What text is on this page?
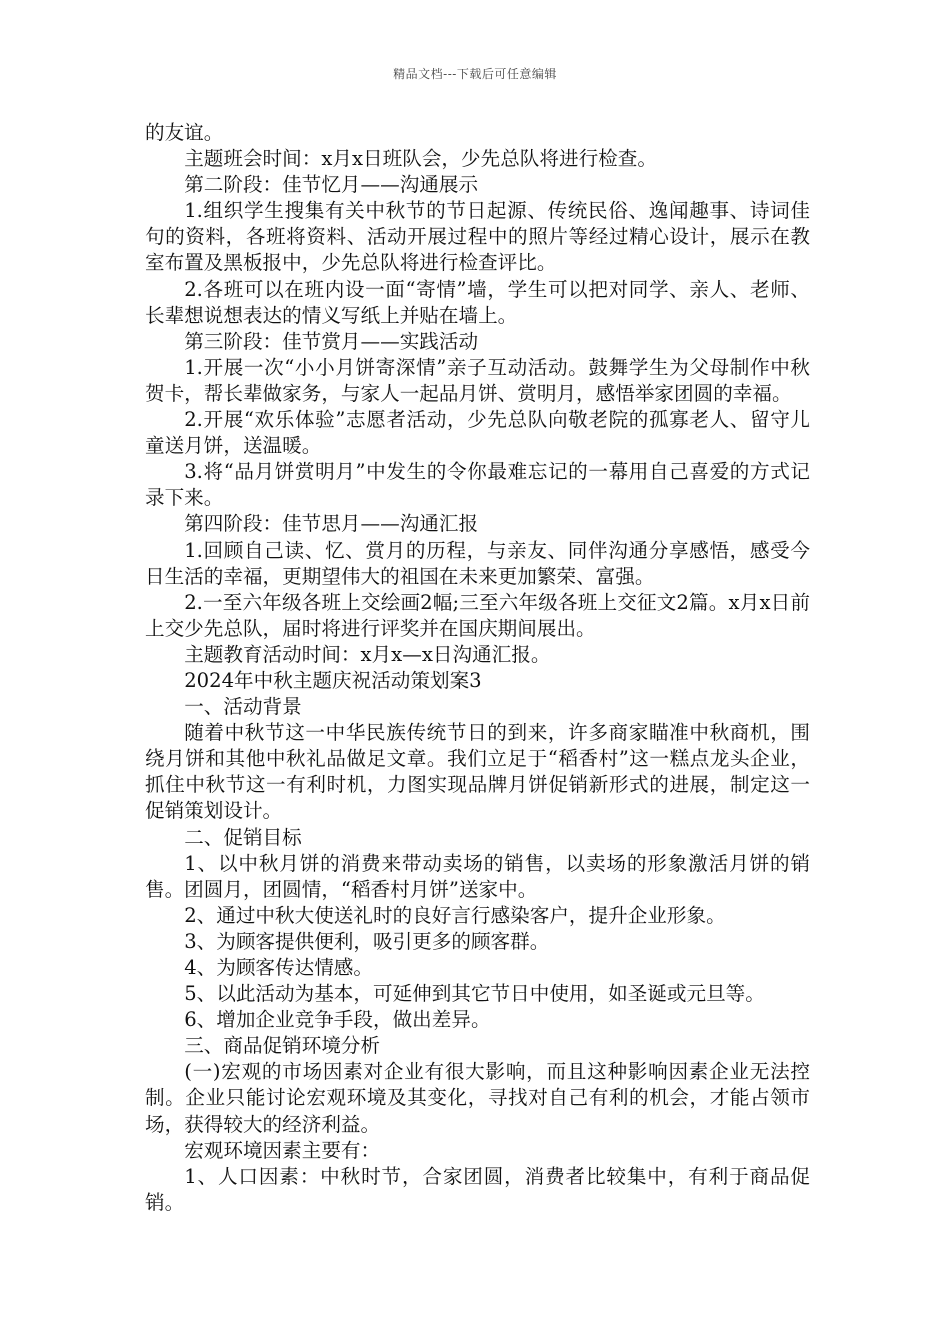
精品文档---下载后可任意编辑

的友谊。

主题班会时间：x月x日班队会，少先总队将进行检查。

第二阶段：佳节忆月——沟通展示

1.组织学生搜集有关中秋节的节日起源、传统民俗、逸闻趣事、诗词佳句的资料，各班将资料、活动开展过程中的照片等经过精心设计，展示在教室布置及黑板报中，少先总队将进行检查评比。

2.各班可以在班内设一面“寄情”墙，学生可以把对同学、亲人、老师、长辈想说想表达的情义写纸上并贴在墙上。

第三阶段：佳节赏月——实践活动

1.开展一次“小小月饼寄深情”亲子互动活动。鼓舞学生为父母制作中秋贺卡，帮长辈做家务，与家人一起品月饼、赏明月，感悟举家团圆的幸福。

2.开展“欢乐体验”志愿者活动，少先总队向敬老院的孤寡老人、留守儿童送月饼，送温暖。

3.将“品月饼赏明月”中发生的令你最难忘记的一幕用自己喜爱的方式记录下来。

第四阶段：佳节思月——沟通汇报

1.回顾自己读、忆、赏月的历程，与亲友、同伴沟通分享感悟，感受今日生活的幸福，更期望伟大的祖国在未来更加繁荣、富强。

2.一至六年级各班上交绘画2幅;三至六年级各班上交征文2篇。x月x日前上交少先总队，届时将进行评奖并在国庆期间展出。

主题教育活动时间：x月x—x日沟通汇报。

2024年中秋主题庆祝活动策划案3

一、活动背景

随着中秋节这一中华民族传统节日的到来，许多商家瞄准中秋商机，围绕月饼和其他中秋礼品做足文章。我们立足于“稻香村”这一糕点龙头企业，抓住中秋节这一有利时机，力图实现品牌月饼促销新形式的进展，制定这一促销策划设计。

二、促销目标

1、以中秋月饼的消费来带动卖场的销售，以卖场的形象激活月饼的销售。团圆月，团圆情，“稻香村月饼”送家中。

2、通过中秋大使送礼时的良好言行感染客户，提升企业形象。

3、为顾客提供便利，吸引更多的顾客群。

4、为顾客传达情感。

5、以此活动为基本，可延伸到其它节日中使用，如圣诞或元旦等。

6、增加企业竞争手段，做出差异。

三、商品促销环境分析

(一)宏观的市场因素对企业有很大影响，而且这种影响因素企业无法控制。企业只能讨论宏观环境及其变化，寻找对自己有利的机会，才能占领市场，获得较大的经济利益。

宏观环境因素主要有：

1、人口因素：中秋时节，合家团圆，消费者比较集中，有利于商品促销。
